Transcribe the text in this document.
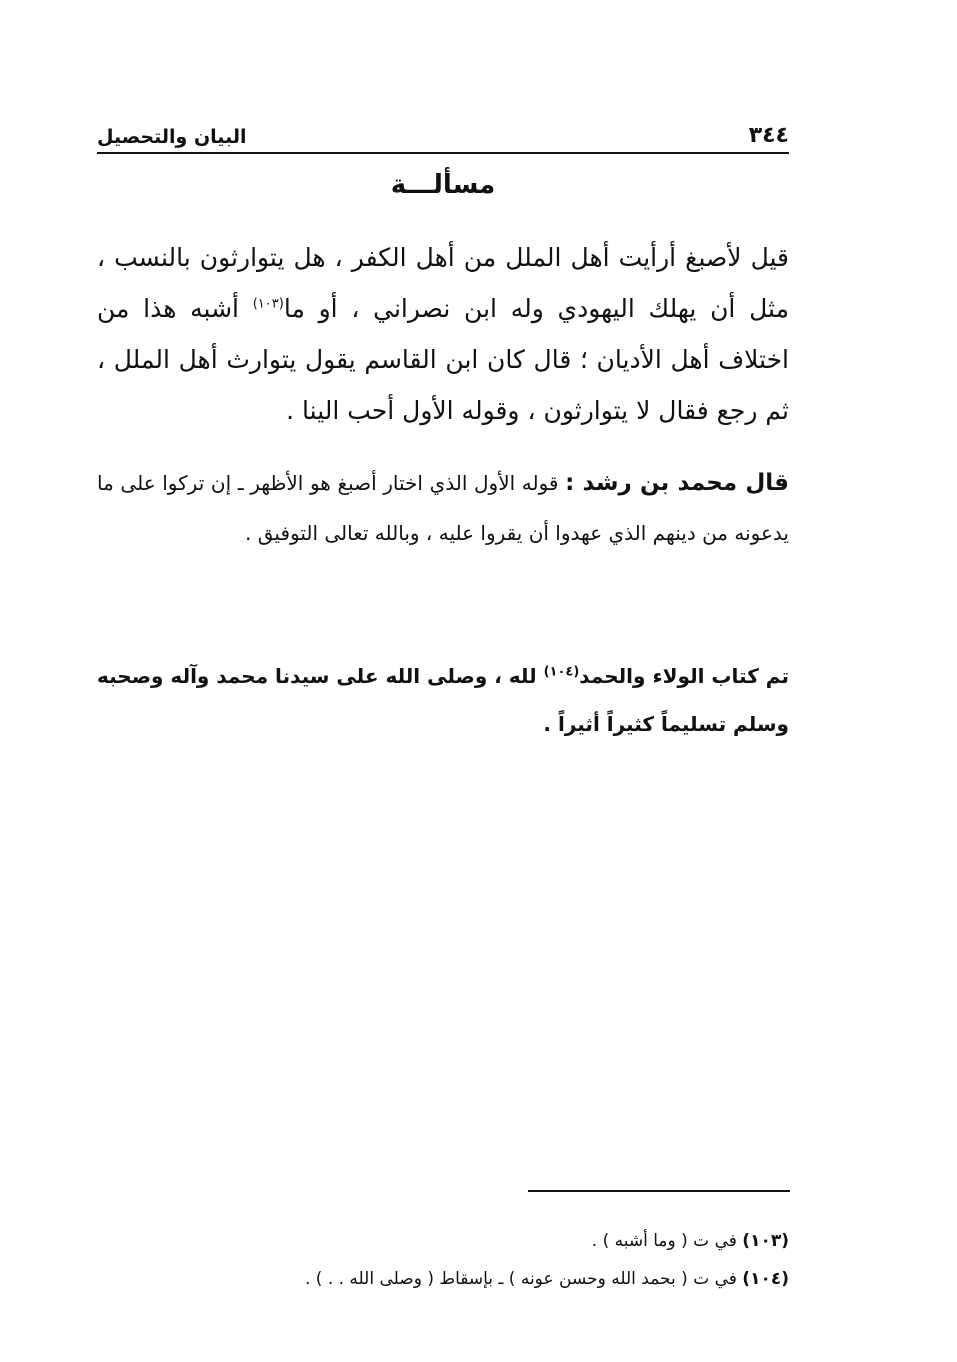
٣٤٤
البيان والتحصيل
مسألـــة
قيل لأصبغ أرأيت أهل الملل من أهل الكفر ، هل يتوارثون بالنسب ، مثل أن يهلك اليهودي وله ابن نصراني ، أو ما$^{(١٠٣)}$ أشبه هذا من اختلاف أهل الأديان ؛ قال كان ابن القاسم يقول يتوارث أهل الملل ، ثم رجع فقال لا يتوارثون ، وقوله الأول أحب الينا .
قال محمد بن رشد : قوله الأول الذي اختار أصبغ هو الأظهر ـ إن تركوا على ما يدعونه من دينهم الذي عهدوا أن يقروا عليه ، وبالله تعالى التوفيق .
تم كتاب الولاء والحمد$^{(١٠٤)}$ لله ، وصلى الله على سيدنا محمد وآله وصحبه وسلم تسليماً كثيراً أثيراً .
(١٠٣) في ت ( وما أشبه ) .
(١٠٤) في ت ( بحمد الله وحسن عونه ) ـ بإسقاط ( وصلى الله . . ) .
